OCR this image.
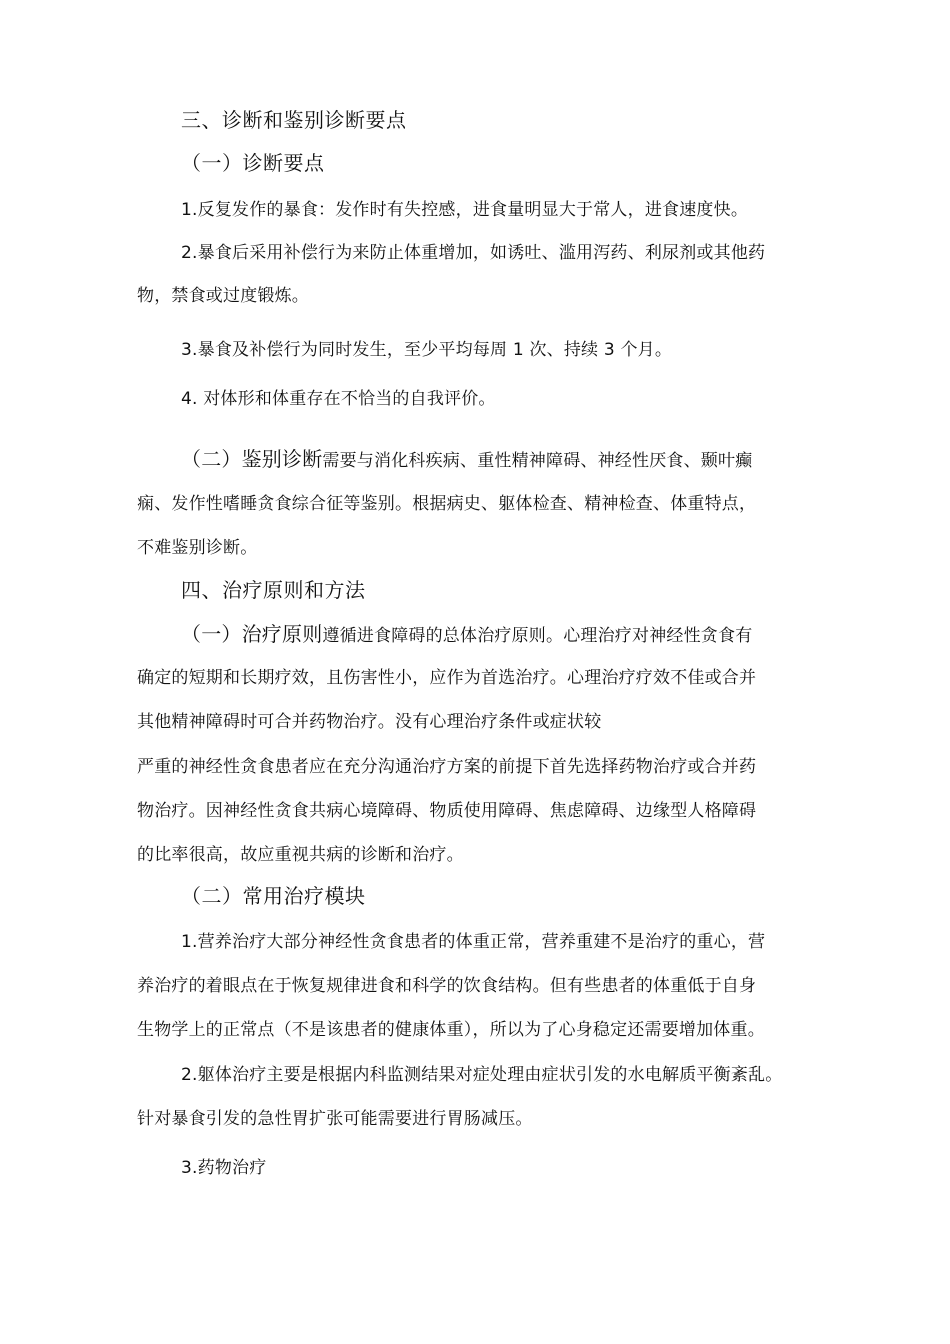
三、诊断和鉴别诊断要点
（一）诊断要点
1.反复发作的暴食：发作时有失控感，进食量明显大于常人，进食速度快。
2.暴食后采用补偿行为来防止体重增加，如诱吐、滥用泻药、利尿剂或其他药
物，禁食或过度锻炼。
3.暴食及补偿行为同时发生，至少平均每周 1 次、持续 3 个月。
4. 对体形和体重存在不恰当的自我评价。
（二）鉴别诊断需要与消化科疾病、重性精神障碍、神经性厌食、颞叶癫
痫、发作性嗜睡贪食综合征等鉴别。根据病史、躯体检查、精神检查、体重特点，
不难鉴别诊断。
四、治疗原则和方法
（一）治疗原则遵循进食障碍的总体治疗原则。心理治疗对神经性贪食有
确定的短期和长期疗效，且伤害性小，应作为首选治疗。心理治疗疗效不佳或合并
其他精神障碍时可合并药物治疗。没有心理治疗条件或症状较
严重的神经性贪食患者应在充分沟通治疗方案的前提下首先选择药物治疗或合并药
物治疗。因神经性贪食共病心境障碍、物质使用障碍、焦虑障碍、边缘型人格障碍
的比率很高，故应重视共病的诊断和治疗。
（二）常用治疗模块
1.营养治疗大部分神经性贪食患者的体重正常，营养重建不是治疗的重心，营
养治疗的着眼点在于恢复规律进食和科学的饮食结构。但有些患者的体重低于自身
生物学上的正常点（不是该患者的健康体重），所以为了心身稳定还需要增加体重。
2.躯体治疗主要是根据内科监测结果对症处理由症状引发的水电解质平衡紊乱。
针对暴食引发的急性胃扩张可能需要进行胃肠减压。
3.药物治疗
